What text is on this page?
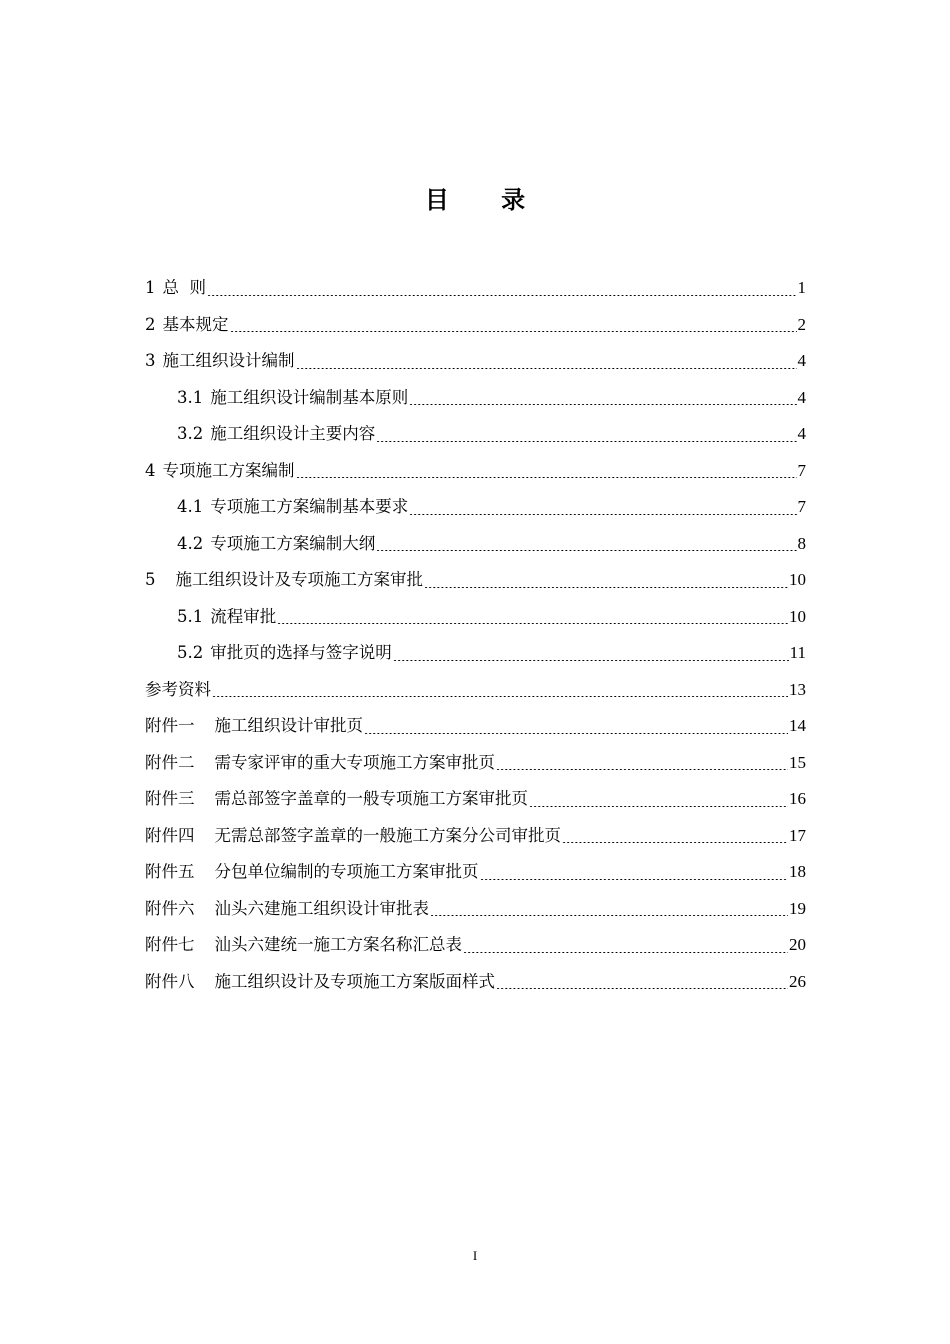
目 录
1 总  则	1
2 基本规定	2
3 施工组织设计编制	4
3.1 施工组织设计编制基本原则	4
3.2 施工组织设计主要内容	4
4 专项施工方案编制	7
4.1 专项施工方案编制基本要求	7
4.2 专项施工方案编制大纲	8
5 施工组织设计及专项施工方案审批	10
5.1 流程审批	10
5.2 审批页的选择与签字说明	11
参考资料	13
附件一 施工组织设计审批页	14
附件二 需专家评审的重大专项施工方案审批页	15
附件三 需总部签字盖章的一般专项施工方案审批页	16
附件四 无需总部签字盖章的一般施工方案分公司审批页	17
附件五 分包单位编制的专项施工方案审批页	18
附件六 汕头六建施工组织设计审批表	19
附件七 汕头六建统一施工方案名称汇总表	20
附件八 施工组织设计及专项施工方案版面样式	26
I
